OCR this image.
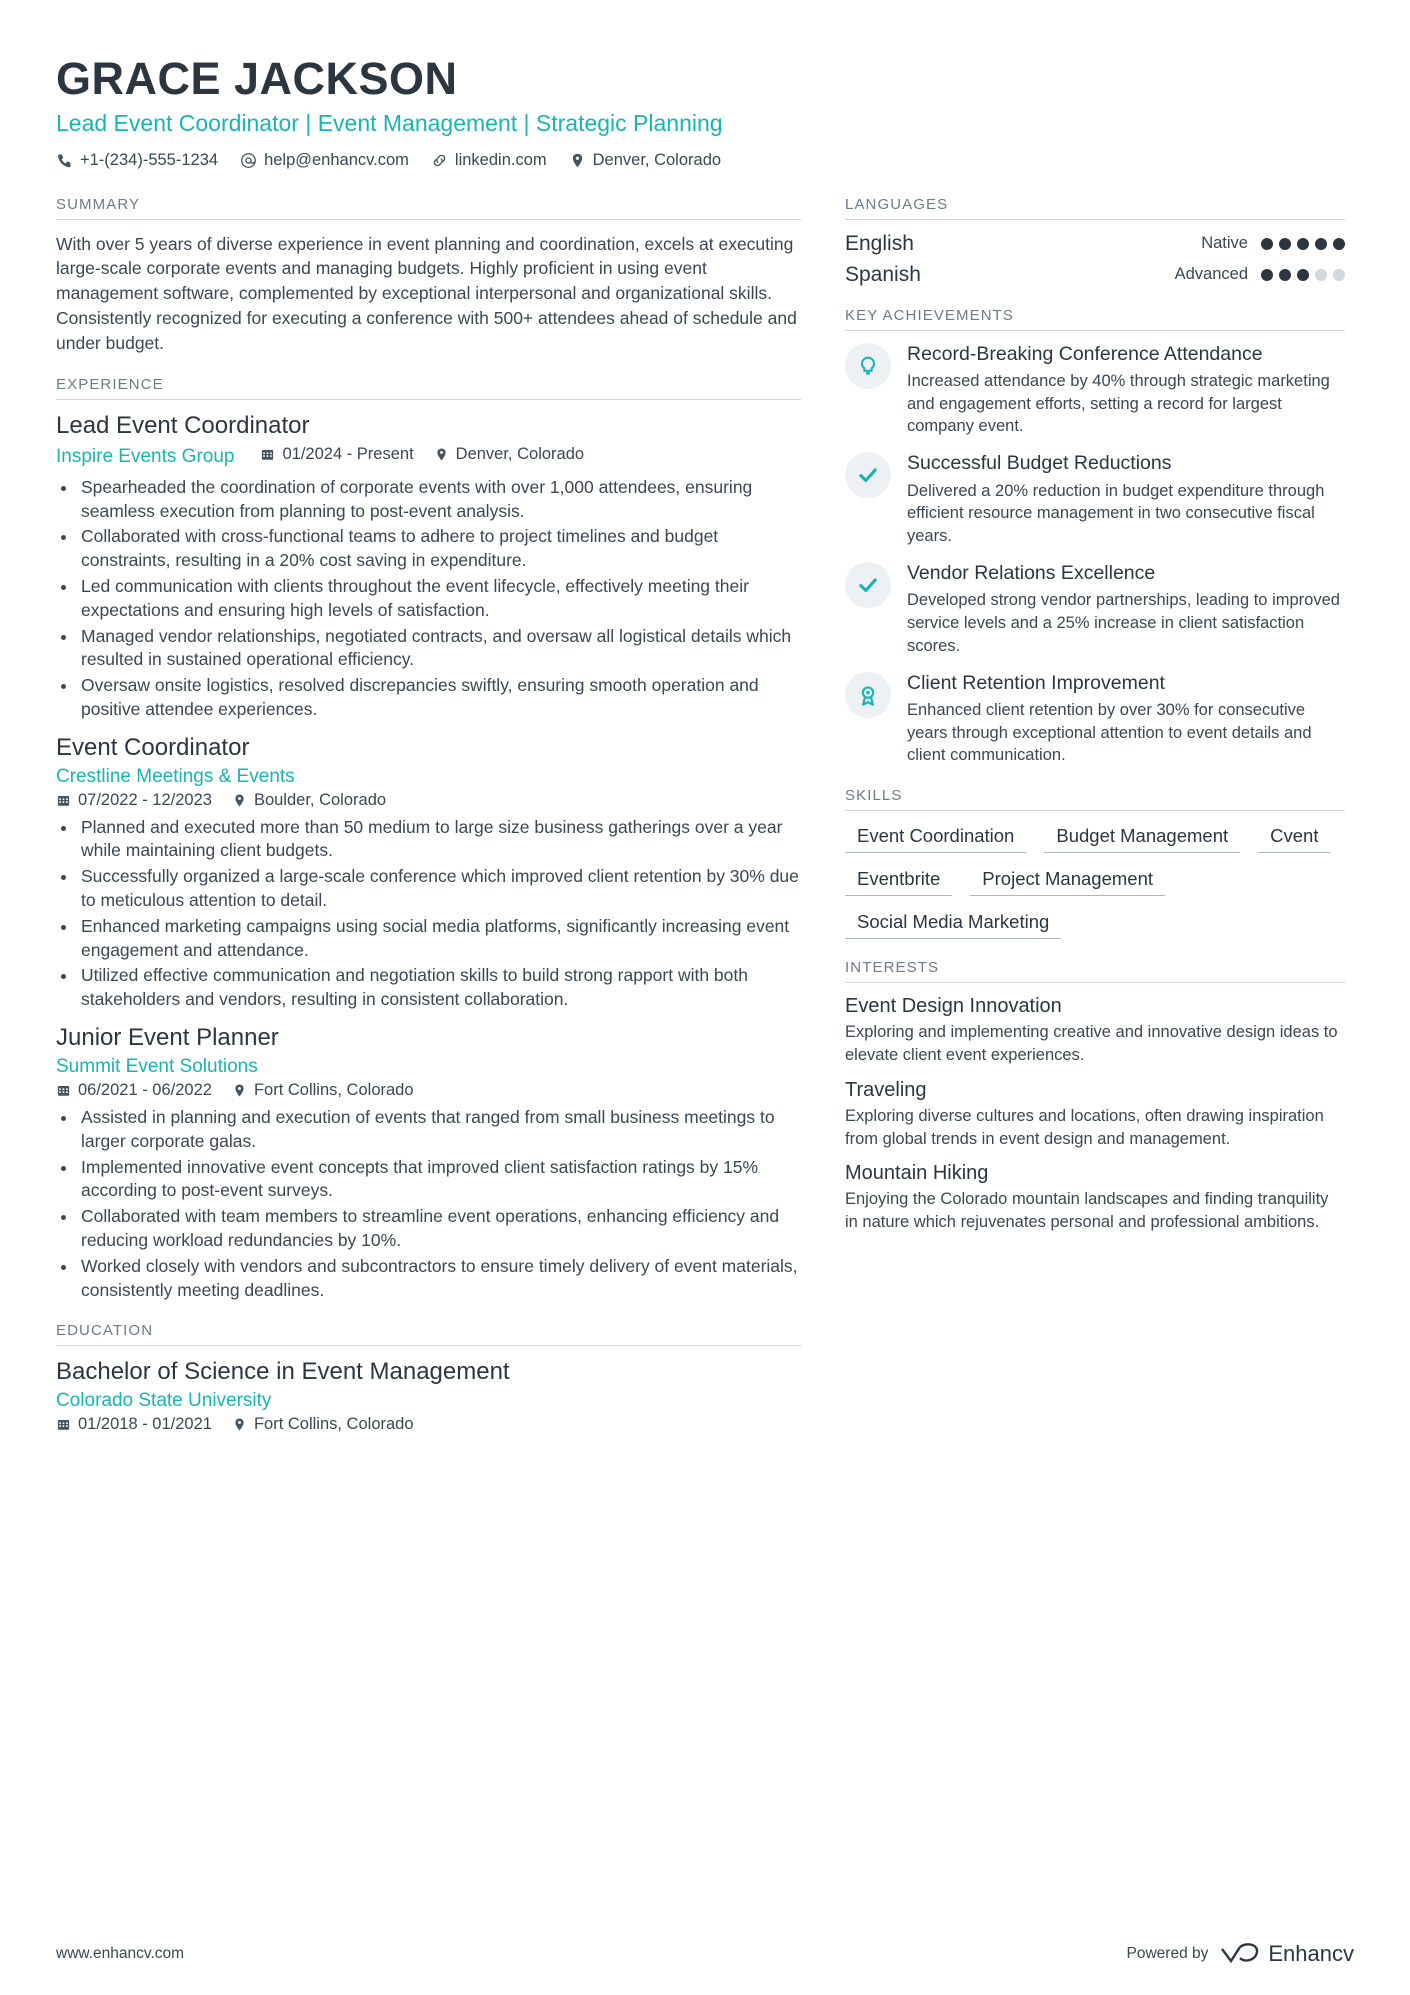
GRACE JACKSON
Lead Event Coordinator | Event Management | Strategic Planning
+1-(234)-555-1234	help@enhancv.com	linkedin.com	Denver, Colorado
SUMMARY
With over 5 years of diverse experience in event planning and coordination, excels at executing large-scale corporate events and managing budgets. Highly proficient in using event management software, complemented by exceptional interpersonal and organizational skills. Consistently recognized for executing a conference with 500+ attendees ahead of schedule and under budget.
EXPERIENCE
Lead Event Coordinator
Inspire Events Group	01/2024 - Present	Denver, Colorado
• Spearheaded the coordination of corporate events with over 1,000 attendees, ensuring seamless execution from planning to post-event analysis.
• Collaborated with cross-functional teams to adhere to project timelines and budget constraints, resulting in a 20% cost saving in expenditure.
• Led communication with clients throughout the event lifecycle, effectively meeting their expectations and ensuring high levels of satisfaction.
• Managed vendor relationships, negotiated contracts, and oversaw all logistical details which resulted in sustained operational efficiency.
• Oversaw onsite logistics, resolved discrepancies swiftly, ensuring smooth operation and positive attendee experiences.
Event Coordinator
Crestline Meetings & Events
07/2022 - 12/2023	Boulder, Colorado
• Planned and executed more than 50 medium to large size business gatherings over a year while maintaining client budgets.
• Successfully organized a large-scale conference which improved client retention by 30% due to meticulous attention to detail.
• Enhanced marketing campaigns using social media platforms, significantly increasing event engagement and attendance.
• Utilized effective communication and negotiation skills to build strong rapport with both stakeholders and vendors, resulting in consistent collaboration.
Junior Event Planner
Summit Event Solutions
06/2021 - 06/2022	Fort Collins, Colorado
• Assisted in planning and execution of events that ranged from small business meetings to larger corporate galas.
• Implemented innovative event concepts that improved client satisfaction ratings by 15% according to post-event surveys.
• Collaborated with team members to streamline event operations, enhancing efficiency and reducing workload redundancies by 10%.
• Worked closely with vendors and subcontractors to ensure timely delivery of event materials, consistently meeting deadlines.
EDUCATION
Bachelor of Science in Event Management
Colorado State University
01/2018 - 01/2021	Fort Collins, Colorado
LANGUAGES
English	Native
Spanish	Advanced
KEY ACHIEVEMENTS
Record-Breaking Conference Attendance
Increased attendance by 40% through strategic marketing and engagement efforts, setting a record for largest company event.
Successful Budget Reductions
Delivered a 20% reduction in budget expenditure through efficient resource management in two consecutive fiscal years.
Vendor Relations Excellence
Developed strong vendor partnerships, leading to improved service levels and a 25% increase in client satisfaction scores.
Client Retention Improvement
Enhanced client retention by over 30% for consecutive years through exceptional attention to event details and client communication.
SKILLS
Event Coordination	Budget Management	Cvent
Eventbrite	Project Management
Social Media Marketing
INTERESTS
Event Design Innovation
Exploring and implementing creative and innovative design ideas to elevate client event experiences.
Traveling
Exploring diverse cultures and locations, often drawing inspiration from global trends in event design and management.
Mountain Hiking
Enjoying the Colorado mountain landscapes and finding tranquility in nature which rejuvenates personal and professional ambitions.
www.enhancv.com	Powered by	Enhancv
